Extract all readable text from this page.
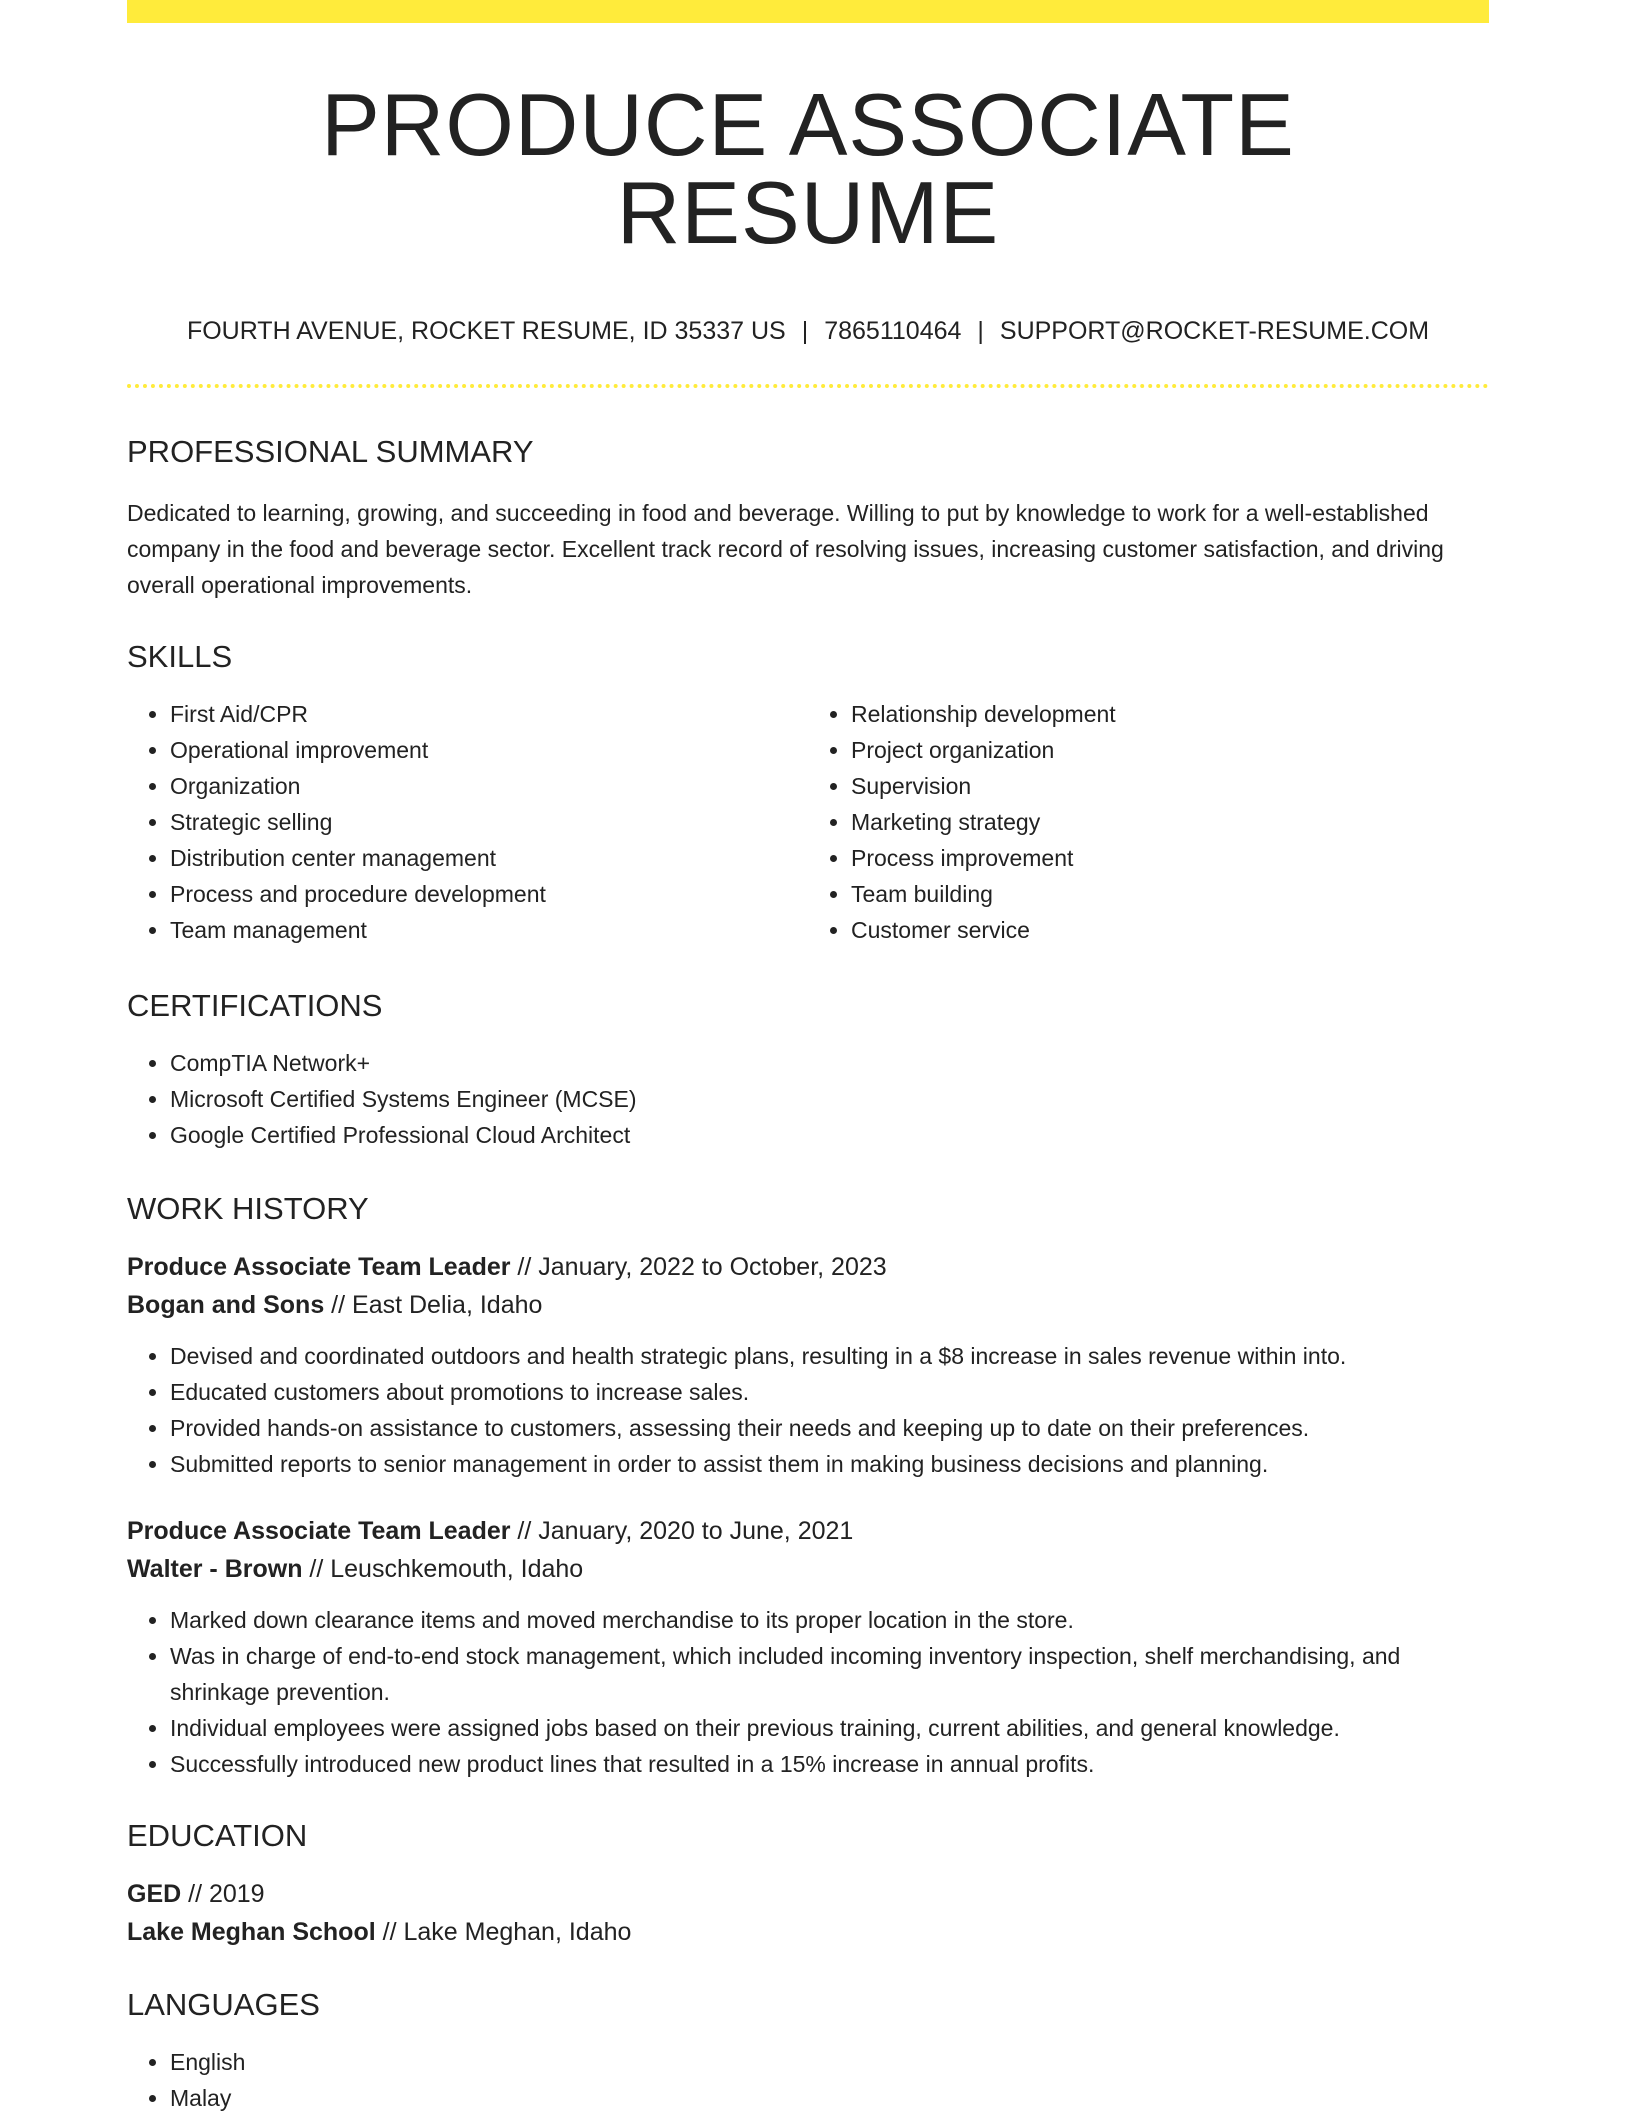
PRODUCE ASSOCIATE RESUME
FOURTH AVENUE, ROCKET RESUME, ID 35337 US | 7865110464 | SUPPORT@ROCKET-RESUME.COM
PROFESSIONAL SUMMARY
Dedicated to learning, growing, and succeeding in food and beverage. Willing to put by knowledge to work for a well-established company in the food and beverage sector. Excellent track record of resolving issues, increasing customer satisfaction, and driving overall operational improvements.
SKILLS
• First Aid/CPR
• Operational improvement
• Organization
• Strategic selling
• Distribution center management
• Process and procedure development
• Team management
• Relationship development
• Project organization
• Supervision
• Marketing strategy
• Process improvement
• Team building
• Customer service
CERTIFICATIONS
• CompTIA Network+
• Microsoft Certified Systems Engineer (MCSE)
• Google Certified Professional Cloud Architect
WORK HISTORY
Produce Associate Team Leader // January, 2022 to October, 2023
Bogan and Sons // East Delia, Idaho
• Devised and coordinated outdoors and health strategic plans, resulting in a $8 increase in sales revenue within into.
• Educated customers about promotions to increase sales.
• Provided hands-on assistance to customers, assessing their needs and keeping up to date on their preferences.
• Submitted reports to senior management in order to assist them in making business decisions and planning.
Produce Associate Team Leader // January, 2020 to June, 2021
Walter - Brown // Leuschkemouth, Idaho
• Marked down clearance items and moved merchandise to its proper location in the store.
• Was in charge of end-to-end stock management, which included incoming inventory inspection, shelf merchandising, and shrinkage prevention.
• Individual employees were assigned jobs based on their previous training, current abilities, and general knowledge.
• Successfully introduced new product lines that resulted in a 15% increase in annual profits.
EDUCATION
GED // 2019
Lake Meghan School // Lake Meghan, Idaho
LANGUAGES
• English
• Malay
